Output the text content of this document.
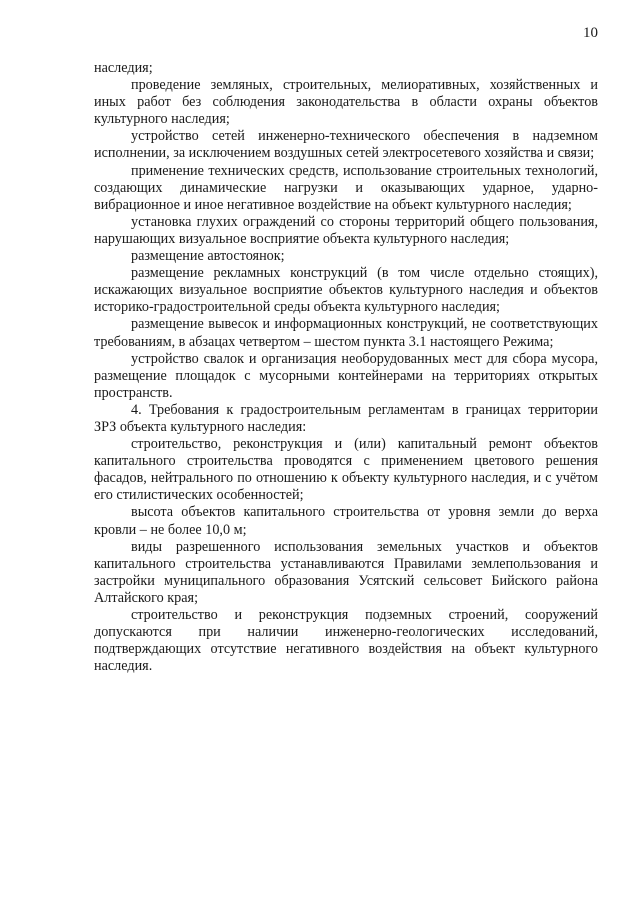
10

наследия;

проведение земляных, строительных, мелиоративных, хозяйственных и иных работ без соблюдения законодательства в области охраны объектов культурного наследия;

устройство сетей инженерно-технического обеспечения в надземном исполнении, за исключением воздушных сетей электросетевого хозяйства и связи;

применение технических средств, использование строительных технологий, создающих динамические нагрузки и оказывающих ударное, ударно-вибрационное и иное негативное воздействие на объект культурного наследия;

установка глухих ограждений со стороны территорий общего пользования, нарушающих визуальное восприятие объекта культурного наследия;

размещение автостоянок;

размещение рекламных конструкций (в том числе отдельно стоящих), искажающих визуальное восприятие объектов культурного наследия и объектов историко-градостроительной среды объекта культурного наследия;

размещение вывесок и информационных конструкций, не соответствующих требованиям, в абзацах четвертом – шестом пункта 3.1 настоящего Режима;

устройство свалок и организация необорудованных мест для сбора мусора, размещение площадок с мусорными контейнерами на территориях открытых пространств.

4. Требования к градостроительным регламентам в границах территории ЗРЗ объекта культурного наследия:

строительство, реконструкция и (или) капитальный ремонт объектов капитального строительства проводятся с применением цветового решения фасадов, нейтрального по отношению к объекту культурного наследия, и с учётом его стилистических особенностей;

высота объектов капитального строительства от уровня земли до верха кровли – не более 10,0 м;

виды разрешенного использования земельных участков и объектов капитального строительства устанавливаются Правилами землепользования и застройки муниципального образования Усятский сельсовет Бийского района Алтайского края;

строительство и реконструкция подземных строений, сооружений допускаются при наличии инженерно-геологических исследований, подтверждающих отсутствие негативного воздействия на объект культурного наследия.
